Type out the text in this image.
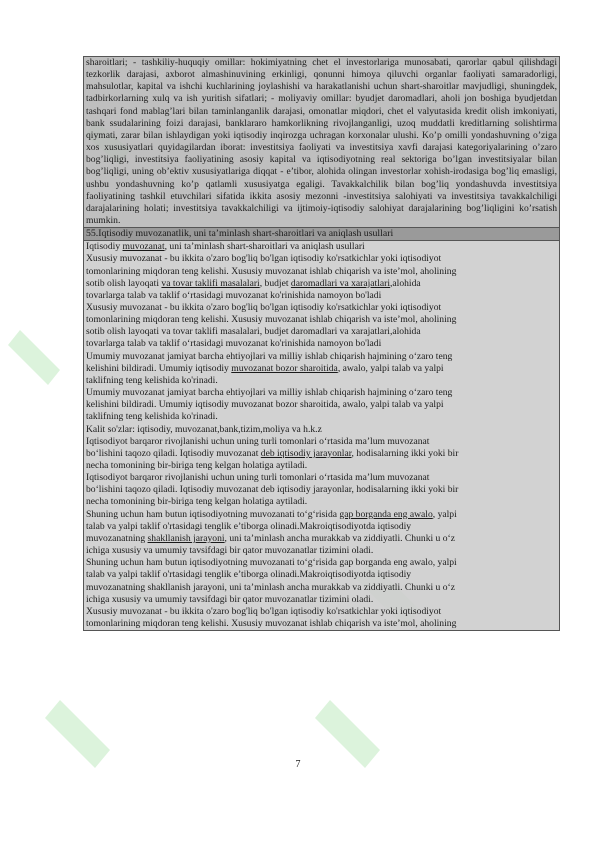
sharoitlari; - tashkiliy-huquqiy omillar: hokimiyatning chet el investorlariga munosabati, qarorlar qabul qilishdagi tezkorlik darajasi, axborot almashinuvining erkinligi, qonunni himoya qiluvchi organlar faoliyati samaradorligi, mahsulotlar, kapital va ishchi kuchlarining joylashishi va harakatlanishi uchun shart-sharoitlar mavjudligi, shuningdek, tadbirkorlarning xulq va ish yuritish sifatlari; - moliyaviy omillar: byudjet daromadlari, aholi jon boshiga byudjetdan tashqari fond mablag’lari bilan taminlanganlik darajasi, omonatlar miqdori, chet el valyutasida kredit olish imkoniyati, bank ssudalarining foizi darajasi, banklararo hamkorlikning rivojlanganligi, uzoq muddatli kreditlarning solishtirma qiymati, zarar bilan ishlaydigan yoki iqtisodiy inqirozga uchragan korxonalar ulushi. Ko’p omilli yondashuvning o’ziga xos xususiyatlari quyidagilardan iborat: investitsiya faoliyati va investitsiya xavfi darajasi kategoriyalarining o’zaro bog’liqligi, investitsiya faoliyatining asosiy kapital va iqtisodiyotning real sektoriga bo’lgan investitsiyalar bilan bog’liqligi, uning ob’ektiv xususiyatlariga diqqat - e’tibor, alohida olingan investorlar xohish-irodasiga bog’liq emasligi, ushbu yondashuvning ko’p qatlamli xususiyatga egaligi. Tavakkalchilik bilan bog’liq yondashuvda investitsiya faoliyatining tashkil etuvchilari sifatida ikkita asosiy mezonni -investitsiya salohiyati va investitsiya tavakkalchiligi darajalarining holati; investitsiya tavakkalchiligi va ijtimoiy-iqtisodiy salohiyat darajalarining bog’liqligini ko’rsatish mumkin.

55.Iqtisodiy muvozanatlik, uni ta’minlash shart-sharoitlari va aniqlash usullari

Iqtisodiy muvozanat, uni ta’minlash shart-sharoitlari va aniqlash usullari

Xususiy muvozanat - bu ikkita o'zaro bog'liq bo'lgan iqtisodiy ko'rsatkichlar yoki iqtisodiyot

tomonlarining miqdoran teng kelishi. Xususiy muvozanat ishlab chiqarish va iste’mol, aholining

sotib olish layoqati va tovar taklifi masalalari, budjet daromadlari va xarajatlari,alohida

tovarlarga talab va taklif o‘rtasidagi muvozanat ko'rinishida namoyon bo'ladi

Xususiy muvozanat - bu ikkita o'zaro bog'liq bo'lgan iqtisodiy ko'rsatkichlar yoki iqtisodiyot

tomonlarining miqdoran teng kelishi. Xususiy muvozanat ishlab chiqarish va iste’mol, aholining

sotib olish layoqati va tovar taklifi masalalari, budjet daromadlari va xarajatlari,alohida

tovarlarga talab va taklif o‘rtasidagi muvozanat ko'rinishida namoyon bo'ladi

Umumiy muvozanat jamiyat barcha ehtiyojlari va milliy ishlab chiqarish hajmining o‘zaro teng

kelishini bildiradi. Umumiy iqtisodiy muvozanat bozor sharoitida, awalo, yalpi talab va yalpi

taklifning teng kelishida ko'rinadi.

Umumiy muvozanat jamiyat barcha ehtiyojlari va milliy ishlab chiqarish hajmining o‘zaro teng

kelishini bildiradi. Umumiy iqtisodiy muvozanat bozor sharoitida, awalo, yalpi talab va yalpi

taklifning teng kelishida ko'rinadi.

Kalit so'zlar: iqtisodiy, muvozanat,bank,tizim,moliya va h.k.z

Iqtisodiyot barqaror rivojlanishi uchun uning turli tomonlari o‘rtasida ma’lum muvozanat

bo‘lishini taqozo qiladi. Iqtisodiy muvozanat deb iqtisodiy jarayonlar, hodisalarning ikki yoki bir

necha tomonining bir-biriga teng kelgan holatiga aytiladi.

Iqtisodiyot barqaror rivojlanishi uchun uning turli tomonlari o‘rtasida ma’lum muvozanat

bo‘lishini taqozo qiladi. Iqtisodiy muvozanat deb iqtisodiy jarayonlar, hodisalarning ikki yoki bir

necha tomonining bir-biriga teng kelgan holatiga aytiladi.

Shuning uchun ham butun iqtisodiyotning muvozanati to‘g‘risida gap borganda eng awalo, yalpi

talab va yalpi taklif o'rtasidagi tenglik e’tiborga olinadi.Makroiqtisodiyotda iqtisodiy

muvozanatning shakllanish jarayoni, uni ta’minlash ancha murakkab va ziddiyatli. Chunki u o‘z

ichiga xususiy va umumiy tavsifdagi bir qator muvozanatlar tizimini oladi.

Shuning uchun ham butun iqtisodiyotning muvozanati to‘g‘risida gap borganda eng awalo, yalpi

talab va yalpi taklif o'rtasidagi tenglik e’tiborga olinadi.Makroiqtisodiyotda iqtisodiy

muvozanatning shakllanish jarayoni, uni ta’minlash ancha murakkab va ziddiyatli. Chunki u o‘z

ichiga xususiy va umumiy tavsifdagi bir qator muvozanatlar tizimini oladi.

Xususiy muvozanat - bu ikkita o'zaro bog'liq bo'lgan iqtisodiy ko'rsatkichlar yoki iqtisodiyot

tomonlarining miqdoran teng kelishi. Xususiy muvozanat ishlab chiqarish va iste’mol, aholining

7
